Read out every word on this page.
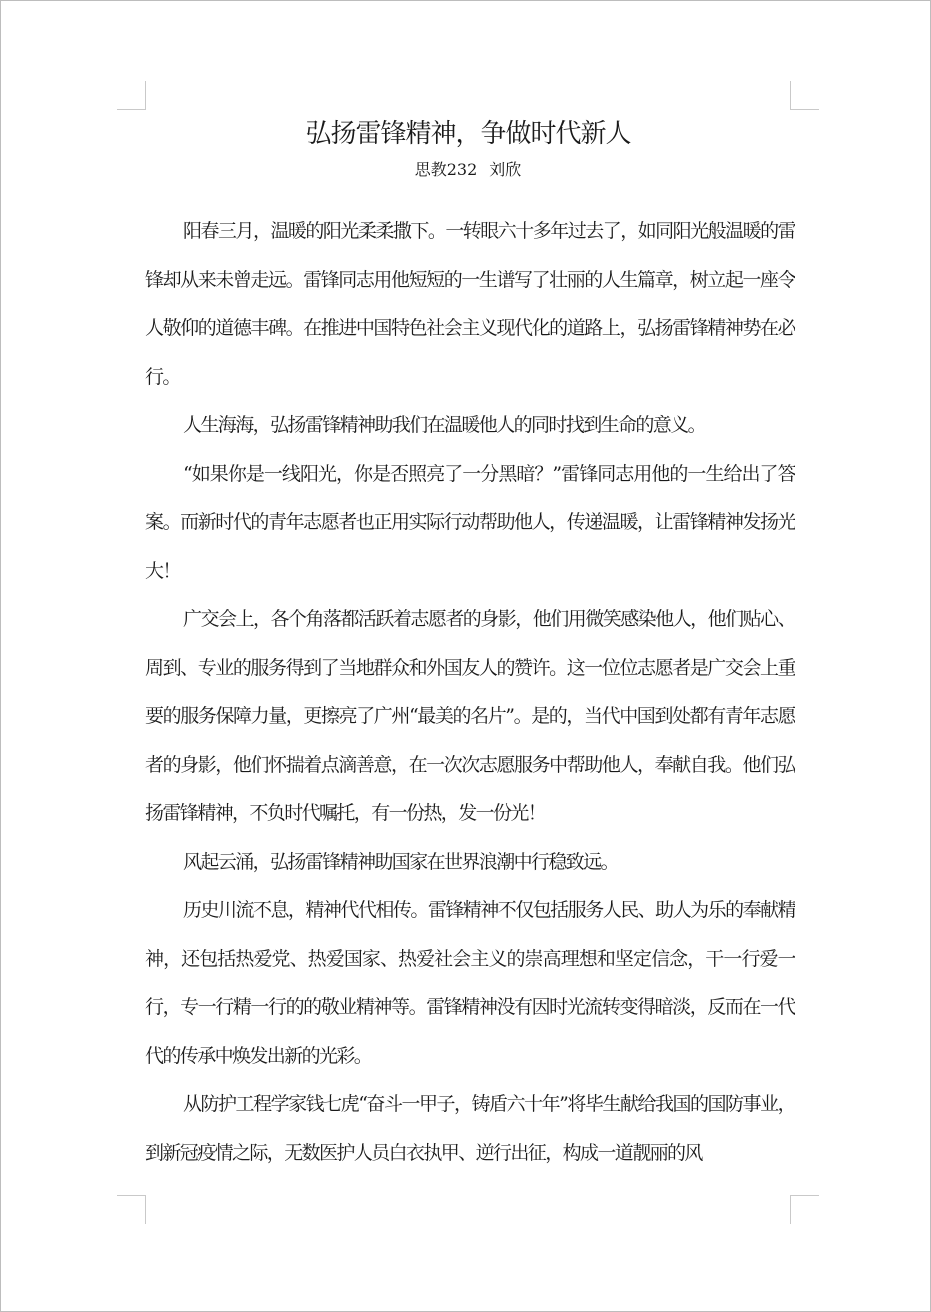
弘扬雷锋精神，争做时代新人
思教232 刘欣

阳春三月，温暖的阳光柔柔撒下。一转眼六十多年过去了，如同阳光般温暖的雷锋却从来未曾走远。雷锋同志用他短短的一生谱写了壮丽的人生篇章，树立起一座令人敬仰的道德丰碑。在推进中国特色社会主义现代化的道路上，弘扬雷锋精神势在必行。

人生海海，弘扬雷锋精神助我们在温暖他人的同时找到生命的意义。

“如果你是一线阳光，你是否照亮了一分黑暗？”雷锋同志用他的一生给出了答案。而新时代的青年志愿者也正用实际行动帮助他人，传递温暖，让雷锋精神发扬光大！

广交会上，各个角落都活跃着志愿者的身影，他们用微笑感染他人，他们贴心、周到、专业的服务得到了当地群众和外国友人的赞许。这一位位志愿者是广交会上重要的服务保障力量，更擦亮了广州“最美的名片”。是的，当代中国到处都有青年志愿者的身影，他们怀揣着点滴善意，在一次次志愿服务中帮助他人，奉献自我。他们弘扬雷锋精神，不负时代嘱托，有一份热，发一份光！

风起云涌，弘扬雷锋精神助国家在世界浪潮中行稳致远。

历史川流不息，精神代代相传。雷锋精神不仅包括服务人民、助人为乐的奉献精神，还包括热爱党、热爱国家、热爱社会主义的崇高理想和坚定信念，干一行爱一行，专一行精一行的的敬业精神等。雷锋精神没有因时光流转变得暗淡，反而在一代代的传承中焕发出新的光彩。

从防护工程学家钱七虎“奋斗一甲子，铸盾六十年”将毕生献给我国的国防事业，到新冠疫情之际，无数医护人员白衣执甲、逆行出征，构成一道靓丽的风
